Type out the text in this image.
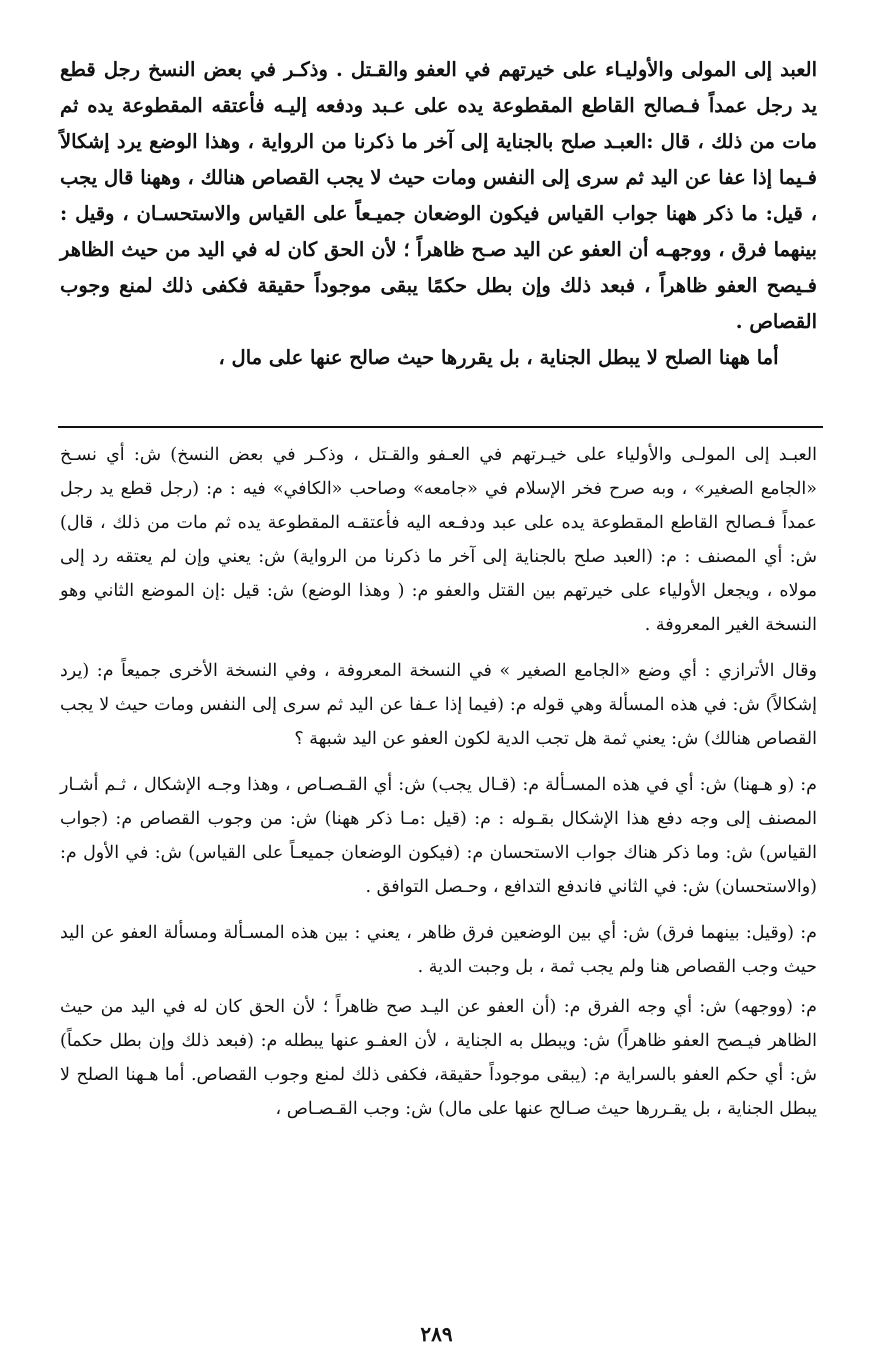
العبد إلى المولى والأوليـاء على خيرتهم في العفو والقـتل . وذكـر في بعض النسخ رجل قطع يد رجل عمداً فـصالح القاطع المقطوعة يده على عـبد ودفعه إليـه فأعتقه المقطوعة يده ثم مات من ذلك ، قال :العبـد صلح بالجناية إلى آخر ما ذكرنا من الرواية ، وهذا الوضع يرد إشكالاً فـيما إذا عفا عن اليد ثم سرى إلى النفس ومات حيث لا يجب القصاص هنالك ، وههنا قال يجب ، قيل: ما ذكر ههنا جواب القياس فيكون الوضعان جميـعاً على القياس والاستحسـان ، وقيل : بينهما فرق ، ووجهـه أن العفو عن اليد صـح ظاهراً ؛ لأن الحق كان له في اليد من حيث الظاهر فـيصح العفو ظاهراً ، فبعد ذلك وإن بطل حكمًا يبقى موجوداً حقيقة فكفى ذلك لمنع وجوب القصاص .

أما ههنا الصلح لا يبطل الجناية ، بل يقررها حيث صالح عنها على مال ،

العبـد إلى المولـى والأولياء على خيـرتهم في العـفو والقـتل ، وذكـر في بعض النسخ) ش: أي نسـخ «الجامع الصغير» ، وبه صرح فخر الإسلام في «جامعه» وصاحب «الكافي» فيه : م: (رجل قطع يد رجل عمداً فـصالح القاطع المقطوعة يده على عبد ودفـعه اليه فأعتقـه المقطوعة يده ثم مات من ذلك ، قال) ش: أي المصنف : م: (العبد صلح بالجناية إلى آخر ما ذكرنا من الرواية) ش: يعني وإن لم يعتقه رد إلى مولاه ، ويجعل الأولياء على خيرتهم بين القتل والعفو م: ( وهذا الوضع) ش: قيل :إن الموضع الثاني وهو النسخة الغير المعروفة .

وقال الأترازي : أي وضع «الجامع الصغير » في النسخة المعروفة ، وفي النسخة الأخرى جميعاً م: (يرد إشكالاً) ش: في هذه المسألة وهي قوله م: (فيما إذا عـفا عن اليد ثم سرى إلى النفس ومات حيث لا يجب القصاص هنالك) ش: يعني ثمة هل تجب الدية لكون العفو عن اليد شبهة ؟

م: (و هـهنا) ش: أي في هذه المسـألة م: (قـال يجب) ش: أي القـصـاص ، وهذا وجـه الإشكال ، ثـم أشـار المصنف إلى وجه دفع هذا الإشكال بقـوله : م: (قيل :مـا ذكر ههنا) ش: من وجوب القصاص م: (جواب القياس) ش: وما ذكر هناك جواب الاستحسان م: (فيكون الوضعان جميعـاً على القياس) ش: في الأول م: (والاستحسان) ش: في الثاني فاندفع التدافع ، وحـصل التوافق .

م: (وقيل: بينهما فرق) ش: أي بين الوضعين فرق ظاهر ، يعني : بين هذه المسـألة ومسألة العفو عن اليد حيث وجب القصاص هنا ولم يجب ثمة ، بل وجبت الدية .

م: (ووجهه) ش: أي وجه الفرق م: (أن العفو عن اليـد صح ظاهراً ؛ لأن الحق كان له في اليد من حيث الظاهر فيـصح العفو ظاهراً) ش: ويبطل به الجناية ، لأن العفـو عنها يبطله م: (فبعد ذلك وإن بطل حكماً) ش: أي حكم العفو بالسراية م: (يبقى موجوداً حقيقة، فكفى ذلك لمنع وجوب القصاص. أما هـهنا الصلح لا يبطل الجناية ، بل يقـررها حيث صـالح عنها على مال) ش: وجب القـصـاص ،

٢٨٩
